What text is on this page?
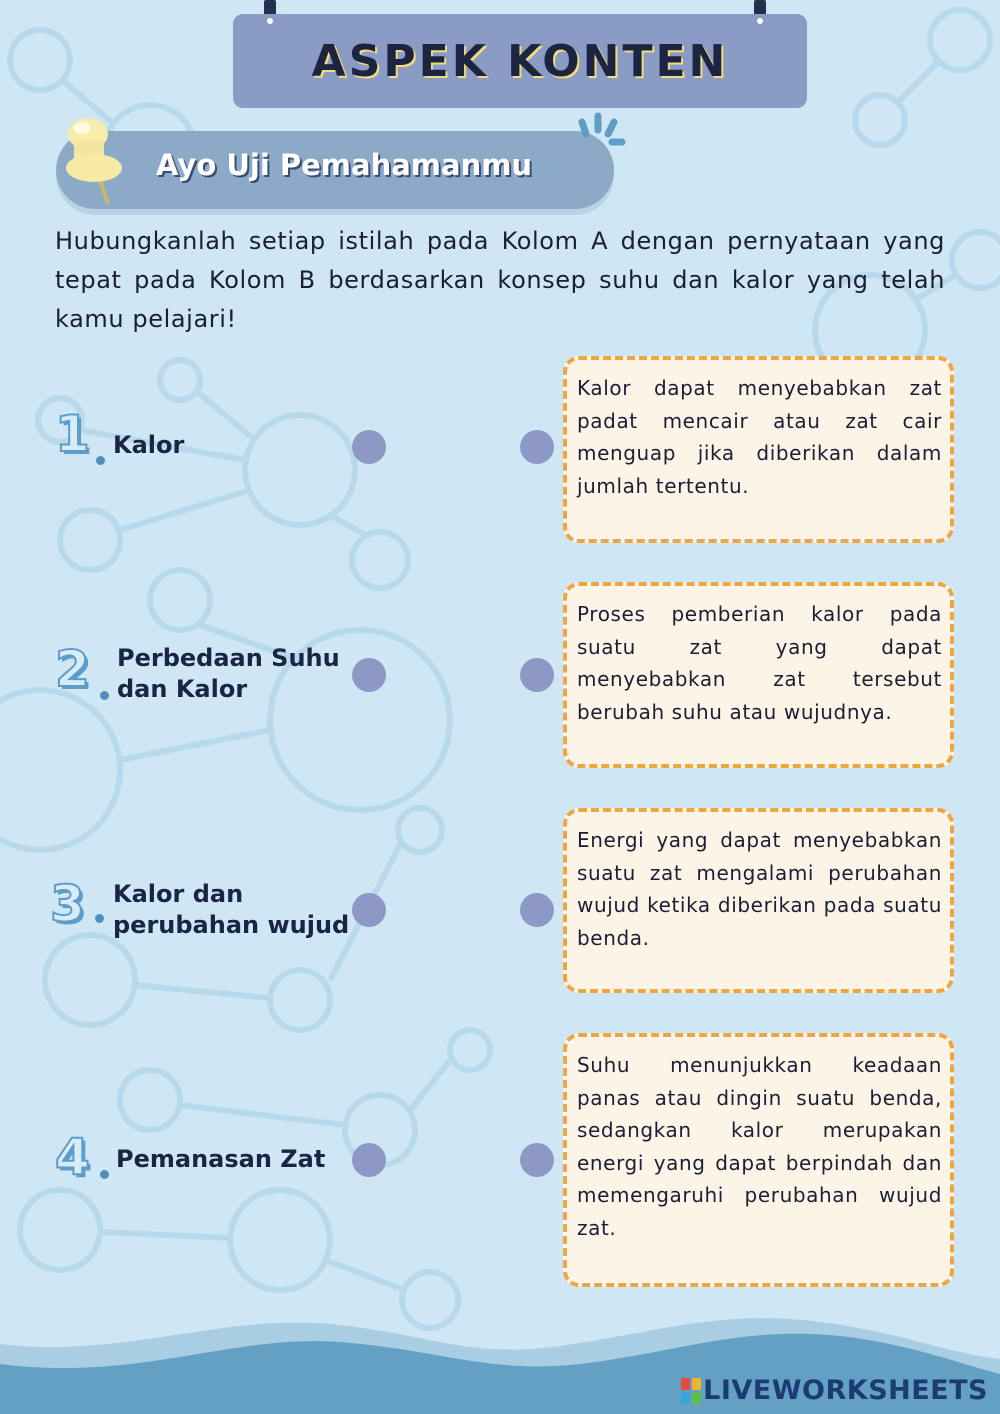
ASPEK KONTEN
Ayo Uji Pemahamanmu

Hubungkanlah setiap istilah pada Kolom A dengan pernyataan yang tepat pada Kolom B berdasarkan konsep suhu dan kalor yang telah kamu pelajari!

1 Kalor
2 Perbedaan Suhu
dan Kalor
3 Kalor dan
perubahan wujud
4 Pemanasan Zat
Kalor dapat menyebabkan zat padat mencair atau zat cair menguap jika diberikan dalam jumlah tertentu.
Proses pemberian kalor pada suatu zat yang dapat menyebabkan zat tersebut berubah suhu atau wujudnya.
Energi yang dapat menyebabkan suatu zat mengalami perubahan wujud ketika diberikan pada suatu benda.
Suhu menunjukkan keadaan panas atau dingin suatu benda, sedangkan kalor merupakan energi yang dapat berpindah dan memengaruhi perubahan wujud zat.
LIVEWORKSHEETS
